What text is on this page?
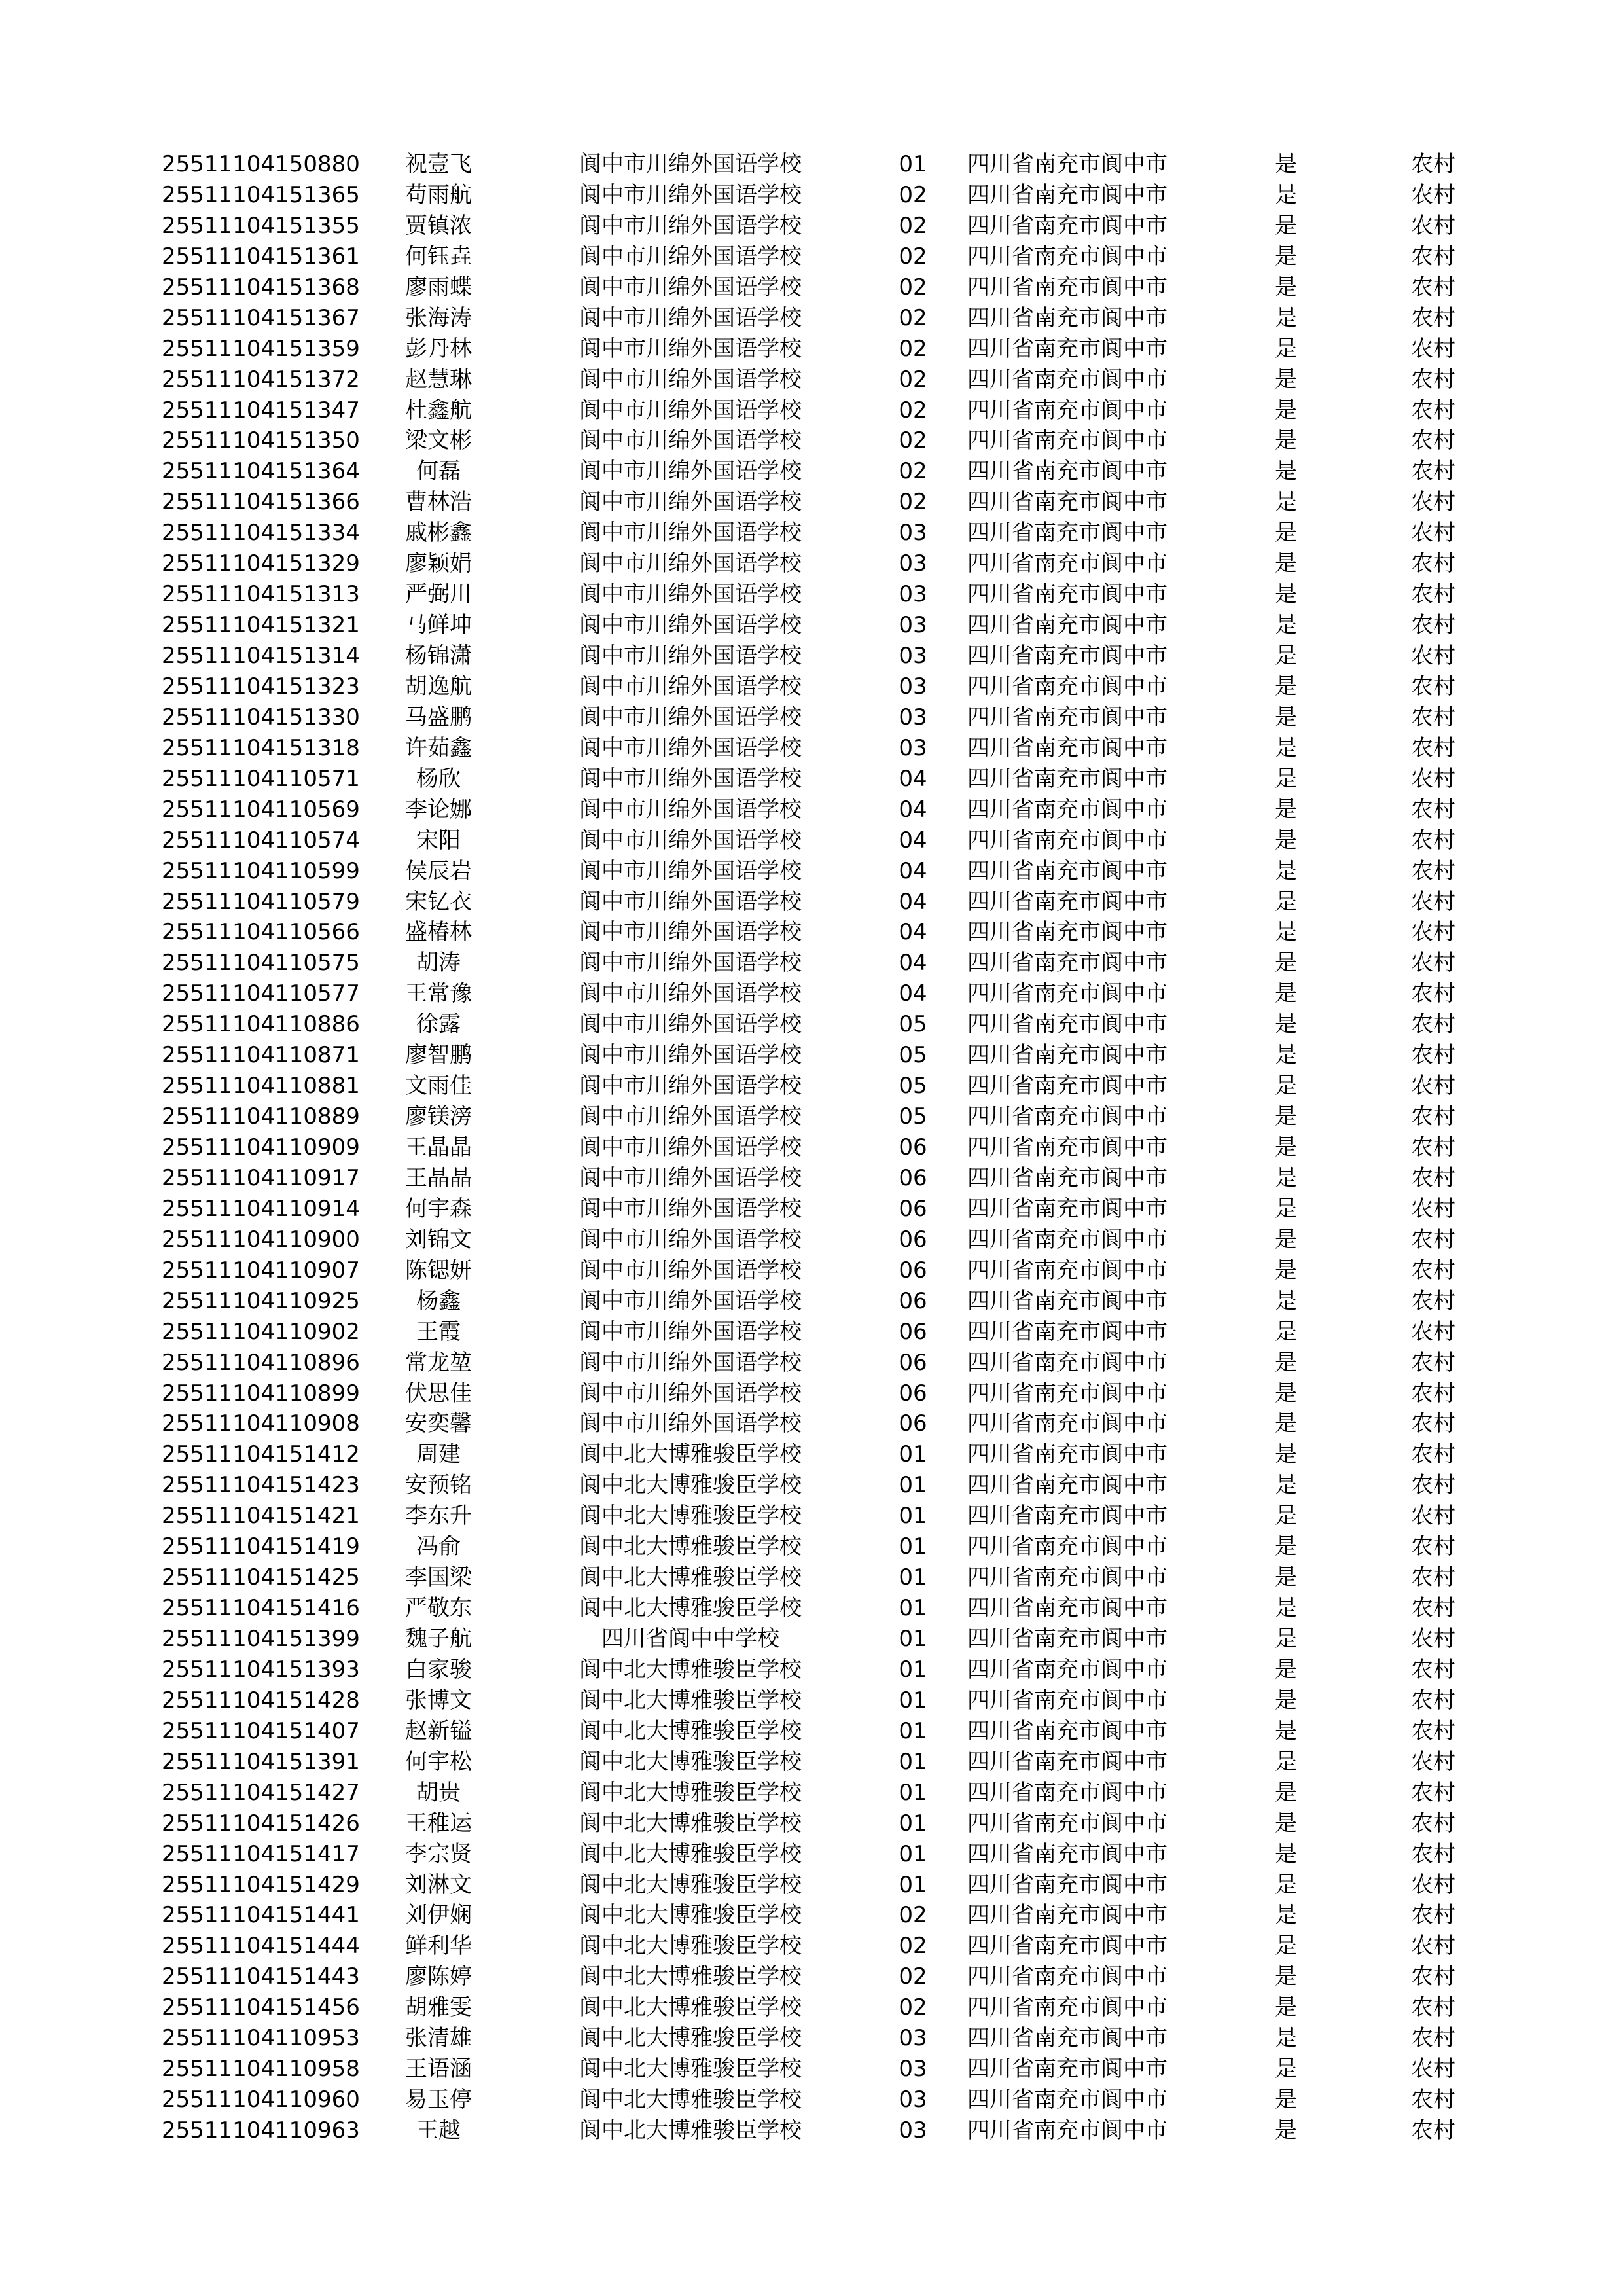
25511104150880	祝壹飞	阆中市川绵外国语学校	01	四川省南充市阆中市	是	农村
25511104151365	苟雨航	阆中市川绵外国语学校	02	四川省南充市阆中市	是	农村
25511104151355	贾镇浓	阆中市川绵外国语学校	02	四川省南充市阆中市	是	农村
25511104151361	何钰垚	阆中市川绵外国语学校	02	四川省南充市阆中市	是	农村
25511104151368	廖雨蝶	阆中市川绵外国语学校	02	四川省南充市阆中市	是	农村
25511104151367	张海涛	阆中市川绵外国语学校	02	四川省南充市阆中市	是	农村
25511104151359	彭丹林	阆中市川绵外国语学校	02	四川省南充市阆中市	是	农村
25511104151372	赵慧琳	阆中市川绵外国语学校	02	四川省南充市阆中市	是	农村
25511104151347	杜鑫航	阆中市川绵外国语学校	02	四川省南充市阆中市	是	农村
25511104151350	梁文彬	阆中市川绵外国语学校	02	四川省南充市阆中市	是	农村
25511104151364	何磊	阆中市川绵外国语学校	02	四川省南充市阆中市	是	农村
25511104151366	曹林浩	阆中市川绵外国语学校	02	四川省南充市阆中市	是	农村
25511104151334	戚彬鑫	阆中市川绵外国语学校	03	四川省南充市阆中市	是	农村
25511104151329	廖颖娟	阆中市川绵外国语学校	03	四川省南充市阆中市	是	农村
25511104151313	严弼川	阆中市川绵外国语学校	03	四川省南充市阆中市	是	农村
25511104151321	马鲜坤	阆中市川绵外国语学校	03	四川省南充市阆中市	是	农村
25511104151314	杨锦潇	阆中市川绵外国语学校	03	四川省南充市阆中市	是	农村
25511104151323	胡逸航	阆中市川绵外国语学校	03	四川省南充市阆中市	是	农村
25511104151330	马盛鹏	阆中市川绵外国语学校	03	四川省南充市阆中市	是	农村
25511104151318	许茹鑫	阆中市川绵外国语学校	03	四川省南充市阆中市	是	农村
25511104110571	杨欣	阆中市川绵外国语学校	04	四川省南充市阆中市	是	农村
25511104110569	李论娜	阆中市川绵外国语学校	04	四川省南充市阆中市	是	农村
25511104110574	宋阳	阆中市川绵外国语学校	04	四川省南充市阆中市	是	农村
25511104110599	侯辰岩	阆中市川绵外国语学校	04	四川省南充市阆中市	是	农村
25511104110579	宋钇衣	阆中市川绵外国语学校	04	四川省南充市阆中市	是	农村
25511104110566	盛椿林	阆中市川绵外国语学校	04	四川省南充市阆中市	是	农村
25511104110575	胡涛	阆中市川绵外国语学校	04	四川省南充市阆中市	是	农村
25511104110577	王常豫	阆中市川绵外国语学校	04	四川省南充市阆中市	是	农村
25511104110886	徐露	阆中市川绵外国语学校	05	四川省南充市阆中市	是	农村
25511104110871	廖智鹏	阆中市川绵外国语学校	05	四川省南充市阆中市	是	农村
25511104110881	文雨佳	阆中市川绵外国语学校	05	四川省南充市阆中市	是	农村
25511104110889	廖镁滂	阆中市川绵外国语学校	05	四川省南充市阆中市	是	农村
25511104110909	王晶晶	阆中市川绵外国语学校	06	四川省南充市阆中市	是	农村
25511104110917	王晶晶	阆中市川绵外国语学校	06	四川省南充市阆中市	是	农村
25511104110914	何宇森	阆中市川绵外国语学校	06	四川省南充市阆中市	是	农村
25511104110900	刘锦文	阆中市川绵外国语学校	06	四川省南充市阆中市	是	农村
25511104110907	陈锶妍	阆中市川绵外国语学校	06	四川省南充市阆中市	是	农村
25511104110925	杨鑫	阆中市川绵外国语学校	06	四川省南充市阆中市	是	农村
25511104110902	王霞	阆中市川绵外国语学校	06	四川省南充市阆中市	是	农村
25511104110896	常龙堃	阆中市川绵外国语学校	06	四川省南充市阆中市	是	农村
25511104110899	伏思佳	阆中市川绵外国语学校	06	四川省南充市阆中市	是	农村
25511104110908	安奕馨	阆中市川绵外国语学校	06	四川省南充市阆中市	是	农村
25511104151412	周建	阆中北大博雅骏臣学校	01	四川省南充市阆中市	是	农村
25511104151423	安预铭	阆中北大博雅骏臣学校	01	四川省南充市阆中市	是	农村
25511104151421	李东升	阆中北大博雅骏臣学校	01	四川省南充市阆中市	是	农村
25511104151419	冯俞	阆中北大博雅骏臣学校	01	四川省南充市阆中市	是	农村
25511104151425	李国梁	阆中北大博雅骏臣学校	01	四川省南充市阆中市	是	农村
25511104151416	严敬东	阆中北大博雅骏臣学校	01	四川省南充市阆中市	是	农村
25511104151399	魏子航	四川省阆中中学校	01	四川省南充市阆中市	是	农村
25511104151393	白家骏	阆中北大博雅骏臣学校	01	四川省南充市阆中市	是	农村
25511104151428	张博文	阆中北大博雅骏臣学校	01	四川省南充市阆中市	是	农村
25511104151407	赵新镒	阆中北大博雅骏臣学校	01	四川省南充市阆中市	是	农村
25511104151391	何宇松	阆中北大博雅骏臣学校	01	四川省南充市阆中市	是	农村
25511104151427	胡贵	阆中北大博雅骏臣学校	01	四川省南充市阆中市	是	农村
25511104151426	王稚运	阆中北大博雅骏臣学校	01	四川省南充市阆中市	是	农村
25511104151417	李宗贤	阆中北大博雅骏臣学校	01	四川省南充市阆中市	是	农村
25511104151429	刘淋文	阆中北大博雅骏臣学校	01	四川省南充市阆中市	是	农村
25511104151441	刘伊娴	阆中北大博雅骏臣学校	02	四川省南充市阆中市	是	农村
25511104151444	鲜利华	阆中北大博雅骏臣学校	02	四川省南充市阆中市	是	农村
25511104151443	廖陈婷	阆中北大博雅骏臣学校	02	四川省南充市阆中市	是	农村
25511104151456	胡雅雯	阆中北大博雅骏臣学校	02	四川省南充市阆中市	是	农村
25511104110953	张清雄	阆中北大博雅骏臣学校	03	四川省南充市阆中市	是	农村
25511104110958	王语涵	阆中北大博雅骏臣学校	03	四川省南充市阆中市	是	农村
25511104110960	易玉停	阆中北大博雅骏臣学校	03	四川省南充市阆中市	是	农村
25511104110963	王越	阆中北大博雅骏臣学校	03	四川省南充市阆中市	是	农村
